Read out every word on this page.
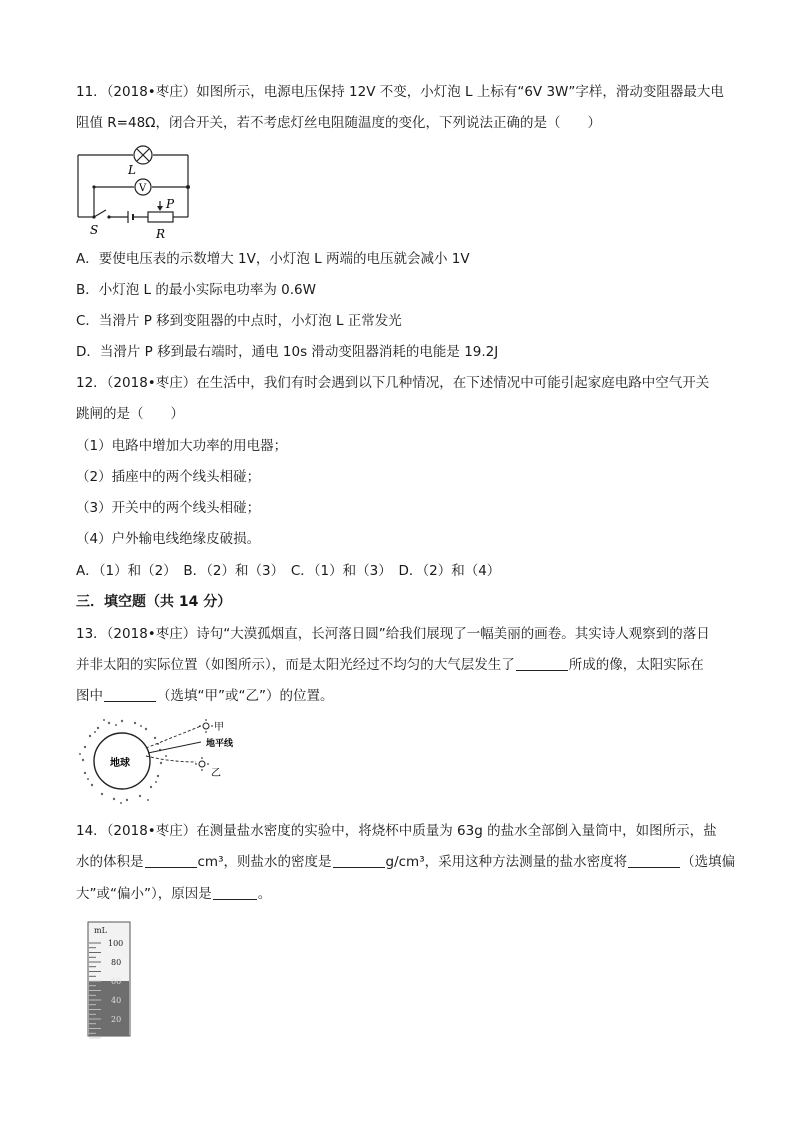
11．（2018•枣庄）如图所示，电源电压保持 12V 不变，小灯泡 L 上标有“6V 3W”字样，滑动变阻器最大电

阻值 R=48Ω，闭合开关，若不考虑灯丝电阻随温度的变化，下列说法正确的是（　　）

L
V
S
P
R

A．要使电压表的示数增大 1V，小灯泡 L 两端的电压就会减小 1V

B．小灯泡 L 的最小实际电功率为 0.6W

C．当滑片 P 移到变阻器的中点时，小灯泡 L 正常发光

D．当滑片 P 移到最右端时，通电 10s 滑动变阻器消耗的电能是 19.2J

12．（2018•枣庄）在生活中，我们有时会遇到以下几种情况，在下述情况中可能引起家庭电路中空气开关

跳闸的是（　　）

（1）电路中增加大功率的用电器；

（2）插座中的两个线头相碰；

（3）开关中的两个线头相碰；

（4）户外输电线绝缘皮破损。

A．（1）和（2）　B．（2）和（3）　C．（1）和（3）　D．（2）和（4）

三．填空题（共 14 分）

13．（2018•枣庄）诗句“大漠孤烟直，长河落日圆”给我们展现了一幅美丽的画卷。其实诗人观察到的落日

并非太阳的实际位置（如图所示），而是太阳光经过不均匀的大气层发生了	所成的像，太阳实际在

图中	（选填“甲”或“乙”）的位置。

地球
甲
地平线
乙

14．（2018•枣庄）在测量盐水密度的实验中，将烧杯中质量为 63g 的盐水全部倒入量筒中，如图所示，盐

水的体积是	cm³，则盐水的密度是	g/cm³，采用这种方法测量的盐水密度将	（选填偏

大”或“偏小”），原因是	。

mL
100
80
60
40
20
